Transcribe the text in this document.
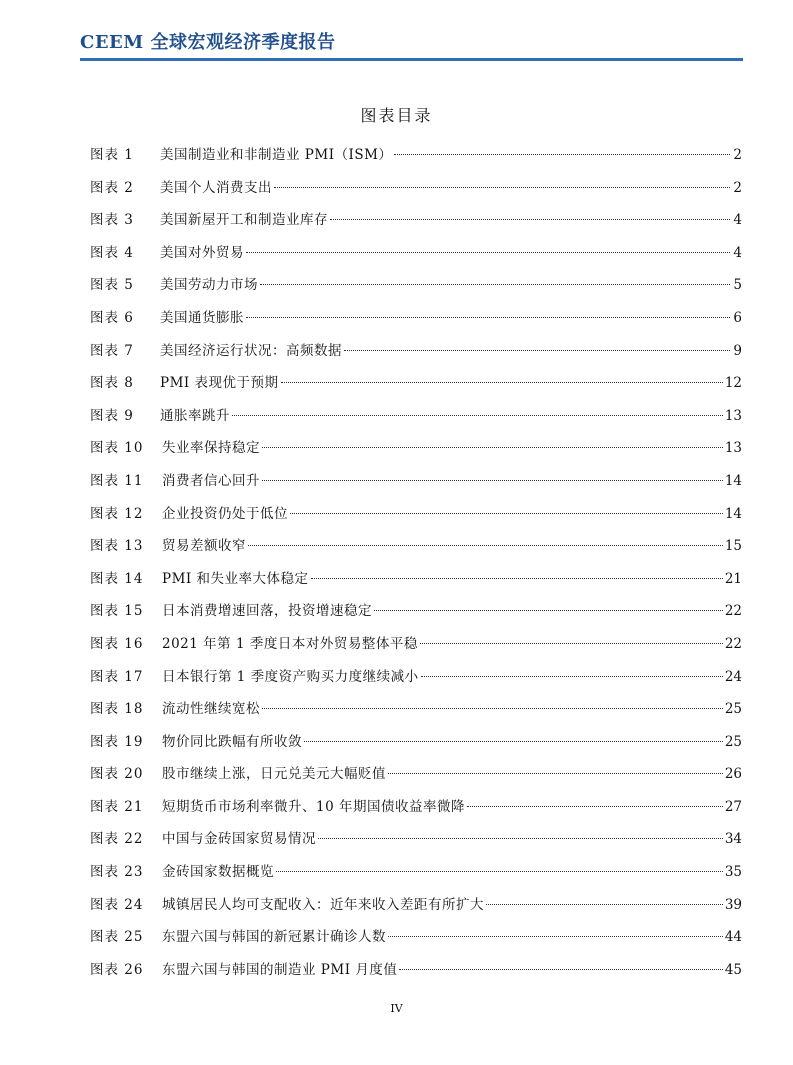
CEEM 全球宏观经济季度报告
图表目录
图表 1	美国制造业和非制造业 PMI（ISM）	2
图表 2	美国个人消费支出	2
图表 3	美国新屋开工和制造业库存	4
图表 4	美国对外贸易	4
图表 5	美国劳动力市场	5
图表 6	美国通货膨胀	6
图表 7	美国经济运行状况：高频数据	9
图表 8	PMI 表现优于预期	12
图表 9	通胀率跳升	13
图表 10	失业率保持稳定	13
图表 11	消费者信心回升	14
图表 12	企业投资仍处于低位	14
图表 13	贸易差额收窄	15
图表 14	PMI 和失业率大体稳定	21
图表 15	日本消费增速回落，投资增速稳定	22
图表 16	2021 年第 1 季度日本对外贸易整体平稳	22
图表 17	日本银行第 1 季度资产购买力度继续减小	24
图表 18	流动性继续宽松	25
图表 19	物价同比跌幅有所收敛	25
图表 20	股市继续上涨，日元兑美元大幅贬值	26
图表 21	短期货币市场利率微升、10 年期国债收益率微降	27
图表 22	中国与金砖国家贸易情况	34
图表 23	金砖国家数据概览	35
图表 24	城镇居民人均可支配收入：近年来收入差距有所扩大	39
图表 25	东盟六国与韩国的新冠累计确诊人数	44
图表 26	东盟六国与韩国的制造业 PMI 月度值	45
IV
